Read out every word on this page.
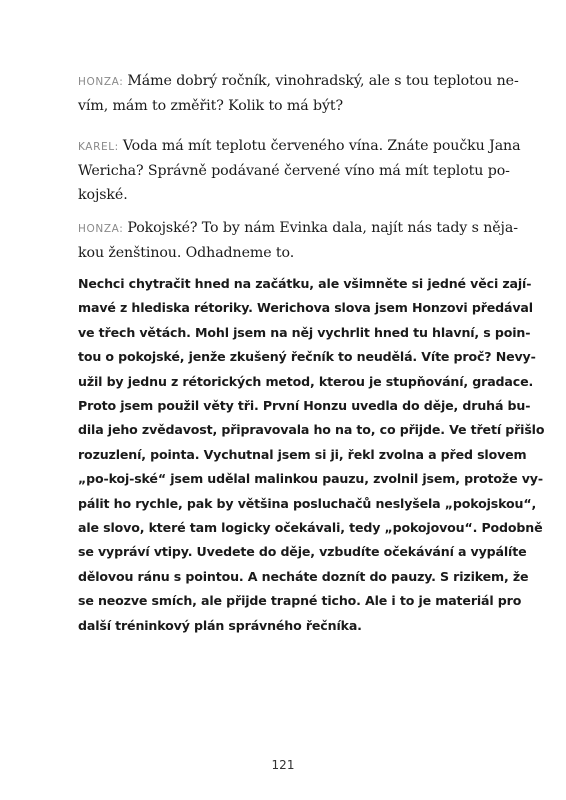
HONZA: Máme dobrý ročník, vinohradský, ale s tou teplotou ne-
vím, mám to změřit? Kolik to má být?
KAREL: Voda má mít teplotu červeného vína. Znáte poučku Jana
Wericha? Správně podávané červené víno má mít teplotu po-
kojské.
HONZA: Pokojské? To by nám Evinka dala, najít nás tady s něja-
kou ženštinou. Odhadneme to.
Nechci chytračit hned na začátku, ale všimněte si jedné věci zají-
mavé z hlediska rétoriky. Werichova slova jsem Honzovi předával
ve třech větách. Mohl jsem na něj vychrlit hned tu hlavní, s poin-
tou o pokojské, jenže zkušený řečník to neudělá. Víte proč? Nevy-
užil by jednu z rétorických metod, kterou je stupňování, gradace.
Proto jsem použil věty tři. První Honzu uvedla do děje, druhá bu-
dila jeho zvědavost, připravovala ho na to, co přijde. Ve třetí přišlo
rozuzlení, pointa. Vychutnal jsem si ji, řekl zvolna a před slovem
„po-koj-ské“ jsem udělal malinkou pauzu, zvolnil jsem, protože vy-
pálit ho rychle, pak by většina posluchačů neslyšela „pokojskou“,
ale slovo, které tam logicky očekávali, tedy „pokojovou“. Podobně
se vypráví vtipy. Uvedete do děje, vzbudíte očekávání a vypálíte
dělovou ránu s pointou. A necháte doznít do pauzy. S rizikem, že
se neozve smích, ale přijde trapné ticho. Ale i to je materiál pro
další tréninkový plán správného řečníka.
121
